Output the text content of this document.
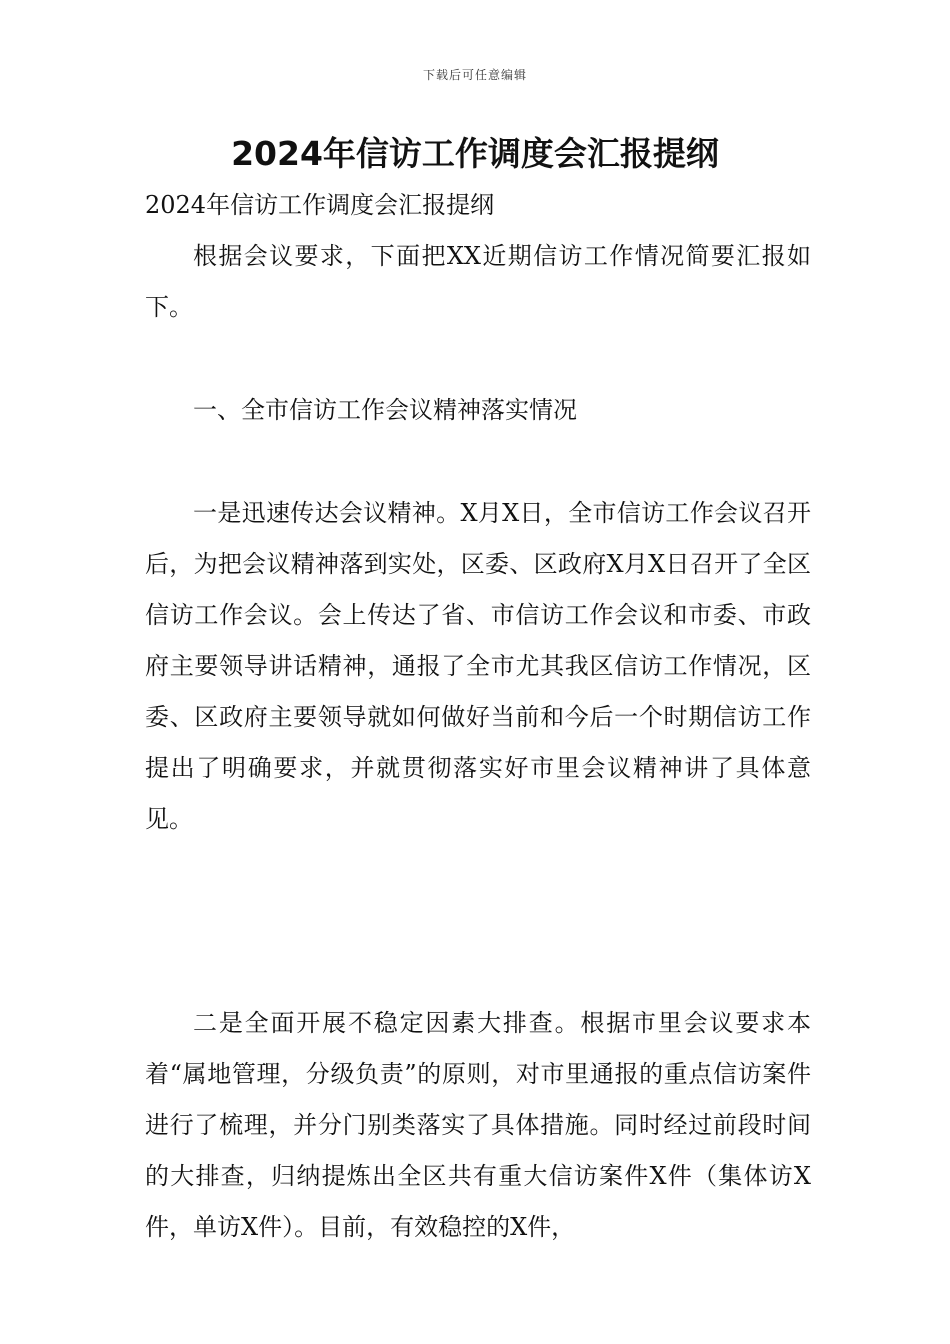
下载后可任意编辑
2024年信访工作调度会汇报提纲

2024年信访工作调度会汇报提纲

根据会议要求，下面把XX近期信访工作情况简要汇报如下。

一、全市信访工作会议精神落实情况

一是迅速传达会议精神。X月X日，全市信访工作会议召开后，为把会议精神落到实处，区委、区政府X月X日召开了全区信访工作会议。会上传达了省、市信访工作会议和市委、市政府主要领导讲话精神，通报了全市尤其我区信访工作情况，区委、区政府主要领导就如何做好当前和今后一个时期信访工作提出了明确要求，并就贯彻落实好市里会议精神讲了具体意见。

二是全面开展不稳定因素大排查。根据市里会议要求本着“属地管理，分级负责”的原则，对市里通报的重点信访案件进行了梳理，并分门别类落实了具体措施。同时经过前段时间的大排查，归纳提炼出全区共有重大信访案件X件（集体访X件，单访X件）。目前，有效稳控的X件，
